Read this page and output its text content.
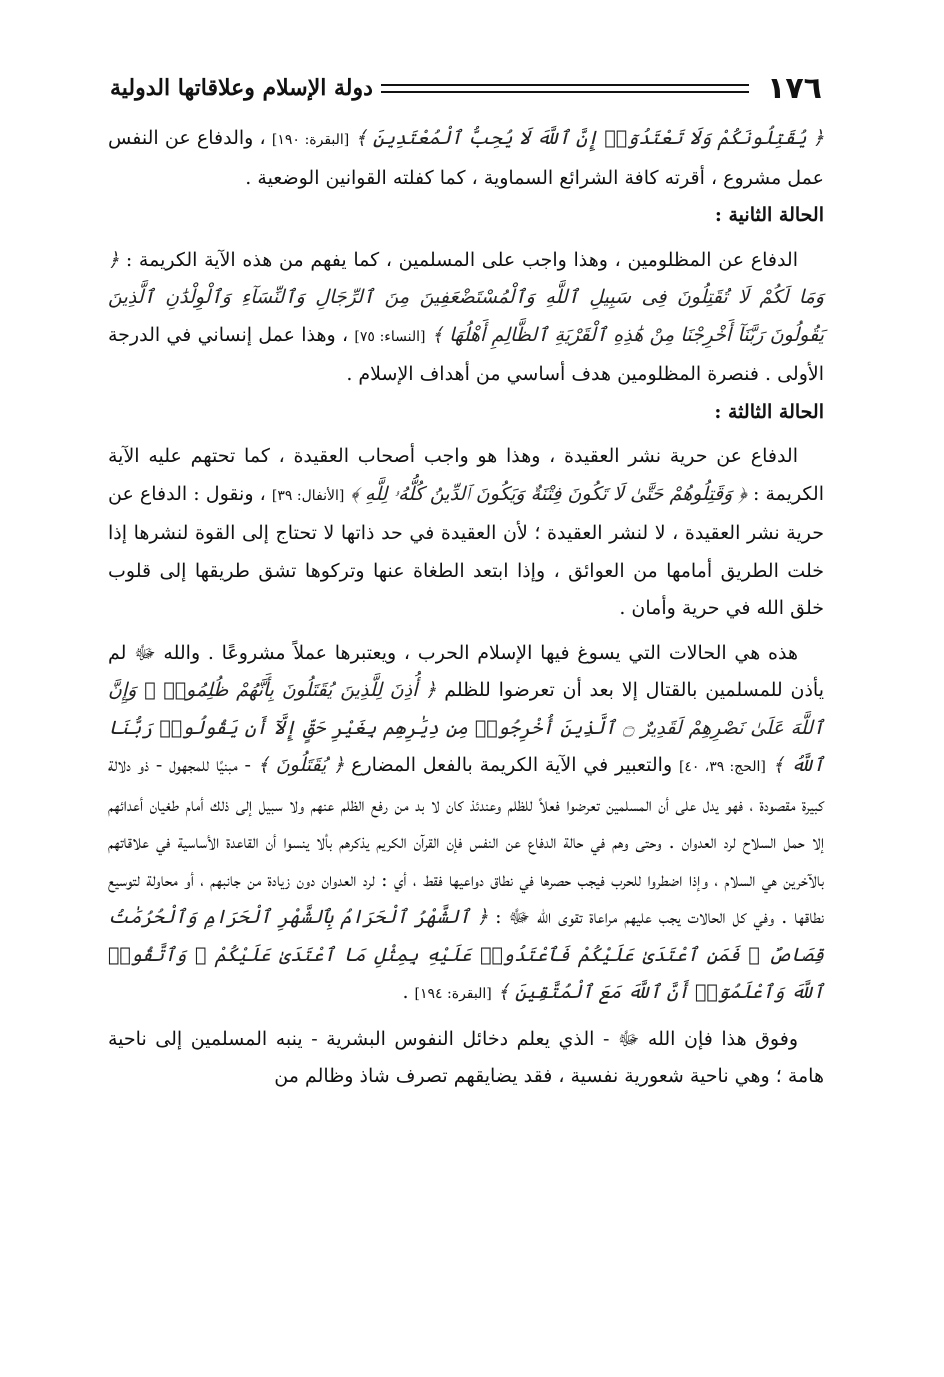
١٧٦
دولة الإسلام وعلاقاتها الدولية

﴿ يُقَتِلُونَكُمْ وَلَا تَعْتَدُوٓا۟ إِنَّ ٱللَّهَ لَا يُحِبُّ ٱلْمُعْتَدِينَ ﴾ [البقرة: ١٩٠] ، والدفاع عن النفس عمل مشروع ، أقرته كافة الشرائع السماوية ، كما كفلته القوانين الوضعية .

الحالة الثانية :

الدفاع عن المظلومين ، وهذا واجب على المسلمين ، كما يفهم من هذه الآية الكريمة : ﴿ وَمَا لَكُمْ لَا تُقَتِلُونَ فِى سَبِيلِ ٱللَّهِ وَٱلْمُسْتَضْعَفِينَ مِنَ ٱلرِّجَالِ وَٱلنِّسَآءِ وَٱلْوِلْدَٰنِ ٱلَّذِينَ يَقُولُونَ رَبَّنَآ أَخْرِجْنَا مِنْ هَٰذِهِ ٱلْقَرْيَةِ ٱلظَّالِمِ أَهْلُهَا ﴾ [النساء: ٧٥] ، وهذا عمل إنساني في الدرجة الأولى . فنصرة المظلومين هدف أساسي من أهداف الإسلام .

الحالة الثالثة :

الدفاع عن حرية نشر العقيدة ، وهذا هو واجب أصحاب العقيدة ، كما تحتهم عليه الآية الكريمة : ﴿ وَقَتِلُوهُمْ حَتَّىٰ لَا تَكُونَ فِتْنَةٌ وَيَكُونَ ٱلدِّينُ كُلُّهُۥ لِلَّهِ ﴾ [الأنفال: ٣٩] ، ونقول : الدفاع عن حرية نشر العقيدة ، لا لنشر العقيدة ؛ لأن العقيدة في حد ذاتها لا تحتاج إلى القوة لنشرها إذا خلت الطريق أمامها من العوائق ، وإذا ابتعد الطغاة عنها وتركوها تشق طريقها إلى قلوب خلق الله في حرية وأمان .

هذه هي الحالات التي يسوغ فيها الإسلام الحرب ، ويعتبرها عملاً مشروعًا . والله ﷻ لم يأذن للمسلمين بالقتال إلا بعد أن تعرضوا للظلم ﴿ أُذِنَ لِلَّذِينَ يُقَتَلُونَ بِأَنَّهُمْ ظُلِمُوا۟ ۚ وَإِنَّ ٱللَّهَ عَلَىٰ نَصْرِهِمْ لَقَدِيرٌ ۝ ٱلَّذِينَ أُخْرِجُوا۟ مِن دِيَٰرِهِم بِغَيْرِ حَقٍّ إِلَّآ أَن يَقُولُوا۟ رَبُّنَا ٱللَّهُ ﴾ [الحج: ٣٩، ٤٠] والتعبير في الآية الكريمة بالفعل المضارع ﴿ يُقَتَلُونَ ﴾ - مبنيًا للمجهول - ذو دلالة كبيرة مقصودة ، فهو يدل على أن المسلمين تعرضوا فعلاً للظلم وعندئذ كان لا بد من رفع الظلم عنهم ولا سبيل إلى ذلك أمام طغيان أعدائهم إلا حمل السلاح لرد العدوان . وحتى وهم في حالة الدفاع عن النفس فإن القرآن الكريم يذكرهم بألا ينسوا أن القاعدة الأساسية في علاقاتهم بالآخرين هي السلام ، وإذا اضطروا للحرب فيجب حصرها في نطاق دواعيها فقط ، أي : لرد العدوان دون زيادة من جانبهم ، أو محاولة لتوسيع نطاقها . وفي كل الحالات يجب عليهم مراعاة تقوى الله ﷻ : ﴿ ٱلشَّهْرُ ٱلْحَرَامُ بِٱلشَّهْرِ ٱلْحَرَامِ وَٱلْحُرُمَٰتُ قِصَاصٌ ۚ فَمَنِ ٱعْتَدَىٰ عَلَيْكُمْ فَٱعْتَدُوا۟ عَلَيْهِ بِمِثْلِ مَا ٱعْتَدَىٰ عَلَيْكُمْ ۚ وَٱتَّقُوا۟ ٱللَّهَ وَٱعْلَمُوٓا۟ أَنَّ ٱللَّهَ مَعَ ٱلْمُتَّقِينَ ﴾ [البقرة: ١٩٤] .

وفوق هذا فإن الله ﷻ - الذي يعلم دخائل النفوس البشرية - ينبه المسلمين إلى ناحية هامة ؛ وهي ناحية شعورية نفسية ، فقد يضايقهم تصرف شاذ وظالم من
